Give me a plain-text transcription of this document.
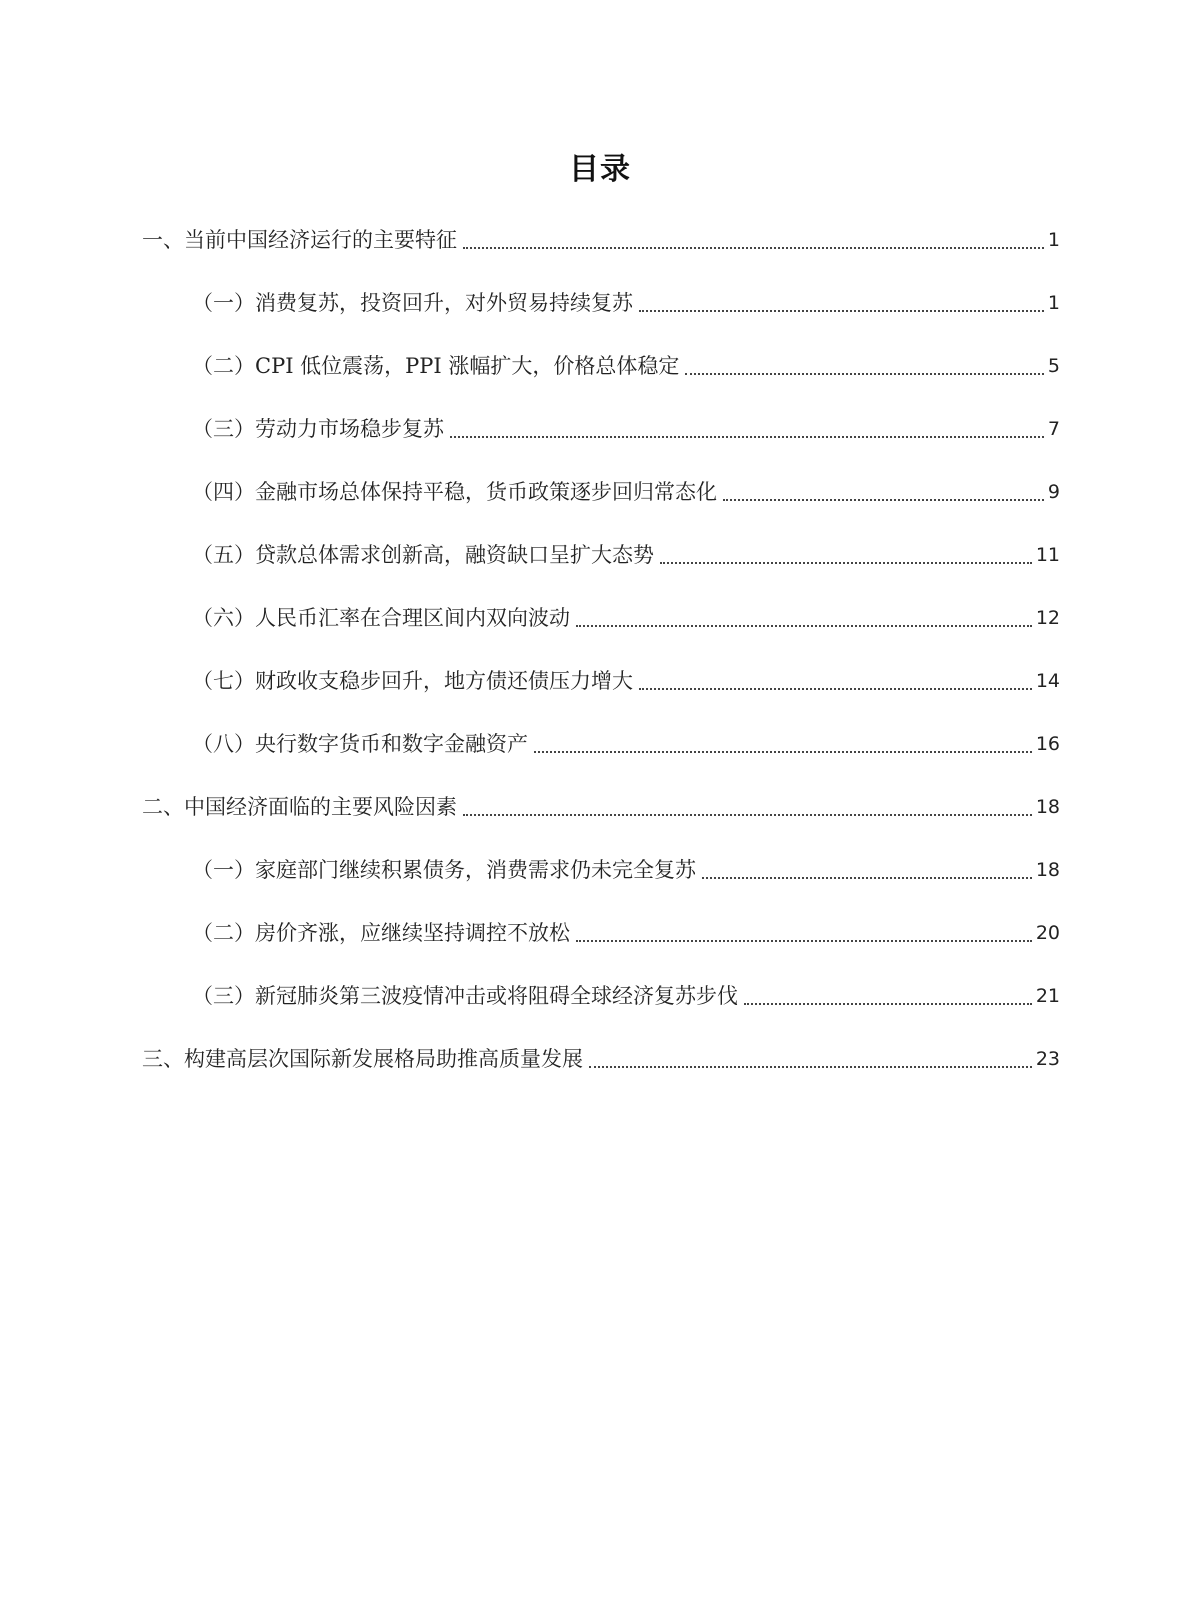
目录
一、当前中国经济运行的主要特征	1
（一）消费复苏，投资回升，对外贸易持续复苏	1
（二）CPI 低位震荡，PPI 涨幅扩大，价格总体稳定	5
（三）劳动力市场稳步复苏	7
（四）金融市场总体保持平稳，货币政策逐步回归常态化	9
（五）贷款总体需求创新高，融资缺口呈扩大态势	11
（六）人民币汇率在合理区间内双向波动	12
（七）财政收支稳步回升，地方债还债压力增大	14
（八）央行数字货币和数字金融资产	16
二、中国经济面临的主要风险因素	18
（一）家庭部门继续积累债务，消费需求仍未完全复苏	18
（二）房价齐涨，应继续坚持调控不放松	20
（三）新冠肺炎第三波疫情冲击或将阻碍全球经济复苏步伐	21
三、构建高层次国际新发展格局助推高质量发展	23
